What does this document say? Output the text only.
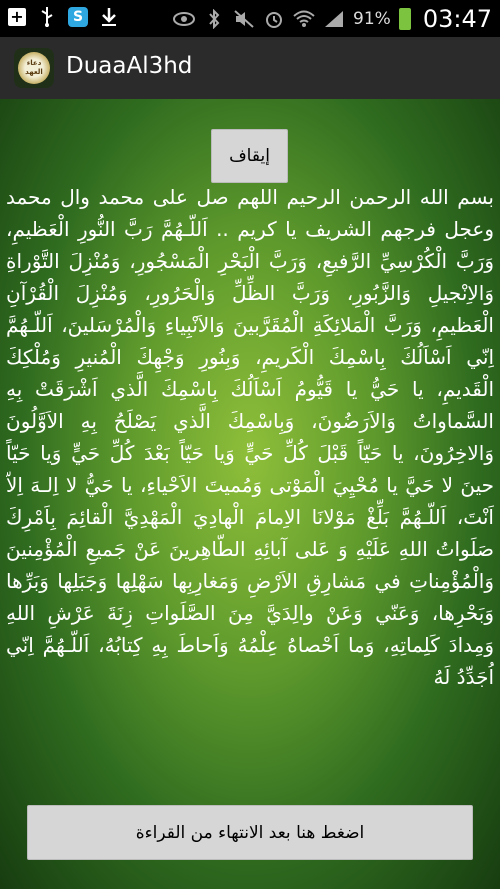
+	S	91% 03:47
دعاء العهد	DuaaAl3hd
إيقاف
بسم الله الرحمن الرحيم اللهم صل على محمد وال محمد وعجل فرجهم الشريف يا كريم .. اَللّـهُمَّ رَبَّ النُّورِ الْعَظيمِ، وَرَبَّ الْكُرْسِيِّ الرَّفيعِ، وَرَبَّ الْبَحْرِ الْمَسْجُورِ، وَمُنْزِلَ التَّوْراةِ وَالاِنْجيلِ وَالزَّبُورِ، وَرَبَّ الظِّلِّ وَالْحَرُورِ، وَمُنْزِلَ الْقُرْآنِ الْعَظيمِ، وَرَبَّ الْمَلائِكَةِ الْمُقَرَّبينَ وَالاَنْبِياءِ وَالْمُرْسَلينَ، اَللّـهُمَّ اِنّي اَسْاَلُكَ بِاسْمِكَ الْكَريمِ، وَبِنُورِ وَجْهِكَ الْمُنيرِ وَمُلْكِكَ الْقَديمِ، يا حَيُّ يا قَيُّومُ اَسْاَلُكَ بِاسْمِكَ الَّذي اَشْرَقَتْ بِهِ السَّماواتُ وَالاَرَضُونَ، وَبِاسْمِكَ الَّذي يَصْلَحُ بِهِ الاَوَّلُونَ وَالاخِرُونَ، يا حَيّاً قَبْلَ كُلِّ حَيٍّ وَيا حَيّاً بَعْدَ كُلِّ حَيٍّ وَيا حَيّاً حينَ لا حَيَّ يا مُحْيِيَ الْمَوْتى وَمُميتَ الاَحْياءِ، يا حَيُّ لا اِلـهَ اِلاّ اَنْتَ، اَللّـهُمَّ بَلِّغْ مَوْلانَا الاِمامَ الْهادِيَ الْمَهْدِيَّ الْقائِمَ بِاَمْرِكَ صَلَواتُ اللهِ عَلَيْهِ وَ عَلى آبائِهِ الطّاهِرينَ عَنْ جَميعِ الْمُؤْمِنينَ وَالْمُؤْمِناتِ في مَشارِقِ الاَرْضِ وَمَغارِبِها سَهْلِها وَجَبَلِها وَبَرِّها وَبَحْرِها، وَعَنّي وَعَنْ والِدَيَّ مِنَ الصَّلَواتِ زِنَةَ عَرْشِ اللهِ وَمِدادَ كَلِماتِهِ، وَما اَحْصاهُ عِلْمُهُ وَاَحاطَ بِهِ كِتابُهُ، اَللّـهُمَّ اِنّي اُجَدِّدُ لَهُ
اضغط هنا بعد الانتهاء من القراءة
